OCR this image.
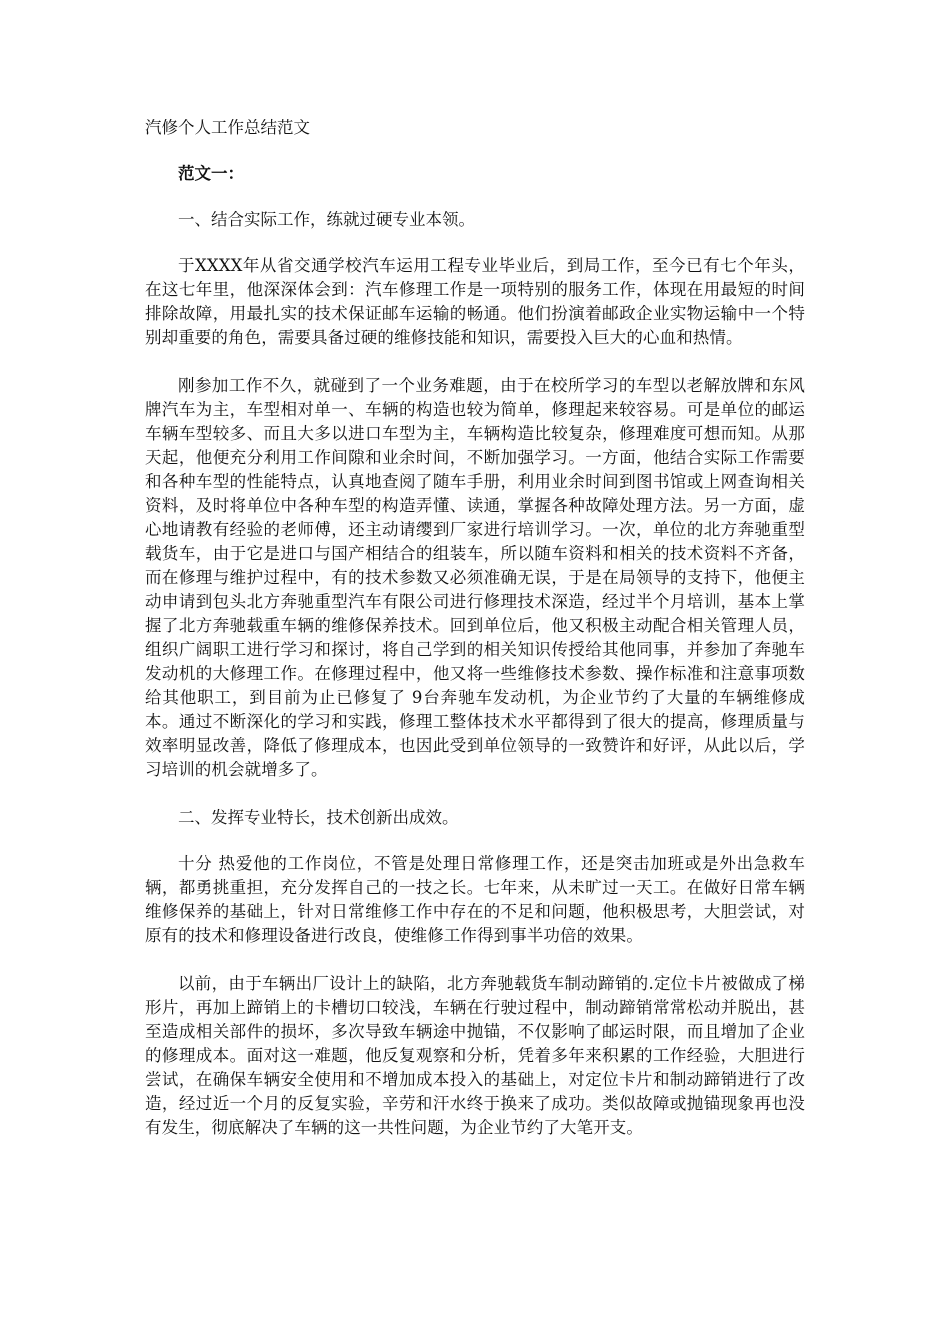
汽修个人工作总结范文

范文一：

一、结合实际工作，练就过硬专业本领。

于XXXX年从省交通学校汽车运用工程专业毕业后，到局工作，至今已有七个年头，在这七年里，他深深体会到：汽车修理工作是一项特别的服务工作，体现在用最短的时间排除故障，用最扎实的技术保证邮车运输的畅通。他们扮演着邮政企业实物运输中一个特别却重要的角色，需要具备过硬的维修技能和知识，需要投入巨大的心血和热情。

刚参加工作不久，就碰到了一个业务难题，由于在校所学习的车型以老解放牌和东风牌汽车为主，车型相对单一、车辆的构造也较为简单，修理起来较容易。可是单位的邮运车辆车型较多、而且大多以进口车型为主，车辆构造比较复杂，修理难度可想而知。从那天起，他便充分利用工作间隙和业余时间，不断加强学习。一方面，他结合实际工作需要和各种车型的性能特点，认真地查阅了随车手册，利用业余时间到图书馆或上网查询相关资料，及时将单位中各种车型的构造弄懂、读通，掌握各种故障处理方法。另一方面，虚心地请教有经验的老师傅，还主动请缨到厂家进行培训学习。一次，单位的北方奔驰重型载货车，由于它是进口与国产相结合的组装车，所以随车资料和相关的技术资料不齐备，而在修理与维护过程中，有的技术参数又必须准确无误，于是在局领导的支持下，他便主动申请到包头北方奔驰重型汽车有限公司进行修理技术深造，经过半个月培训，基本上掌握了北方奔驰载重车辆的维修保养技术。回到单位后，他又积极主动配合相关管理人员，组织广阔职工进行学习和探讨，将自己学到的相关知识传授给其他同事，并参加了奔驰车发动机的大修理工作。在修理过程中，他又将一些维修技术参数、操作标准和注意事项数给其他职工，到目前为止已修复了 9台奔驰车发动机，为企业节约了大量的车辆维修成本。通过不断深化的学习和实践，修理工整体技术水平都得到了很大的提高，修理质量与效率明显改善，降低了修理成本，也因此受到单位领导的一致赞许和好评，从此以后，学习培训的机会就增多了。

二、发挥专业特长，技术创新出成效。

十分 热爱他的工作岗位，不管是处理日常修理工作，还是突击加班或是外出急救车辆，都勇挑重担，充分发挥自己的一技之长。七年来，从未旷过一天工。在做好日常车辆维修保养的基础上，针对日常维修工作中存在的不足和问题，他积极思考，大胆尝试，对原有的技术和修理设备进行改良，使维修工作得到事半功倍的效果。

以前，由于车辆出厂设计上的缺陷，北方奔驰载货车制动蹄销的.定位卡片被做成了梯形片，再加上蹄销上的卡槽切口较浅，车辆在行驶过程中，制动蹄销常常松动并脱出，甚至造成相关部件的损坏，多次导致车辆途中抛锚，不仅影响了邮运时限，而且增加了企业的修理成本。面对这一难题，他反复观察和分析，凭着多年来积累的工作经验，大胆进行尝试，在确保车辆安全使用和不增加成本投入的基础上，对定位卡片和制动蹄销进行了改造，经过近一个月的反复实验，辛劳和汗水终于换来了成功。类似故障或抛锚现象再也没有发生，彻底解决了车辆的这一共性问题，为企业节约了大笔开支。
